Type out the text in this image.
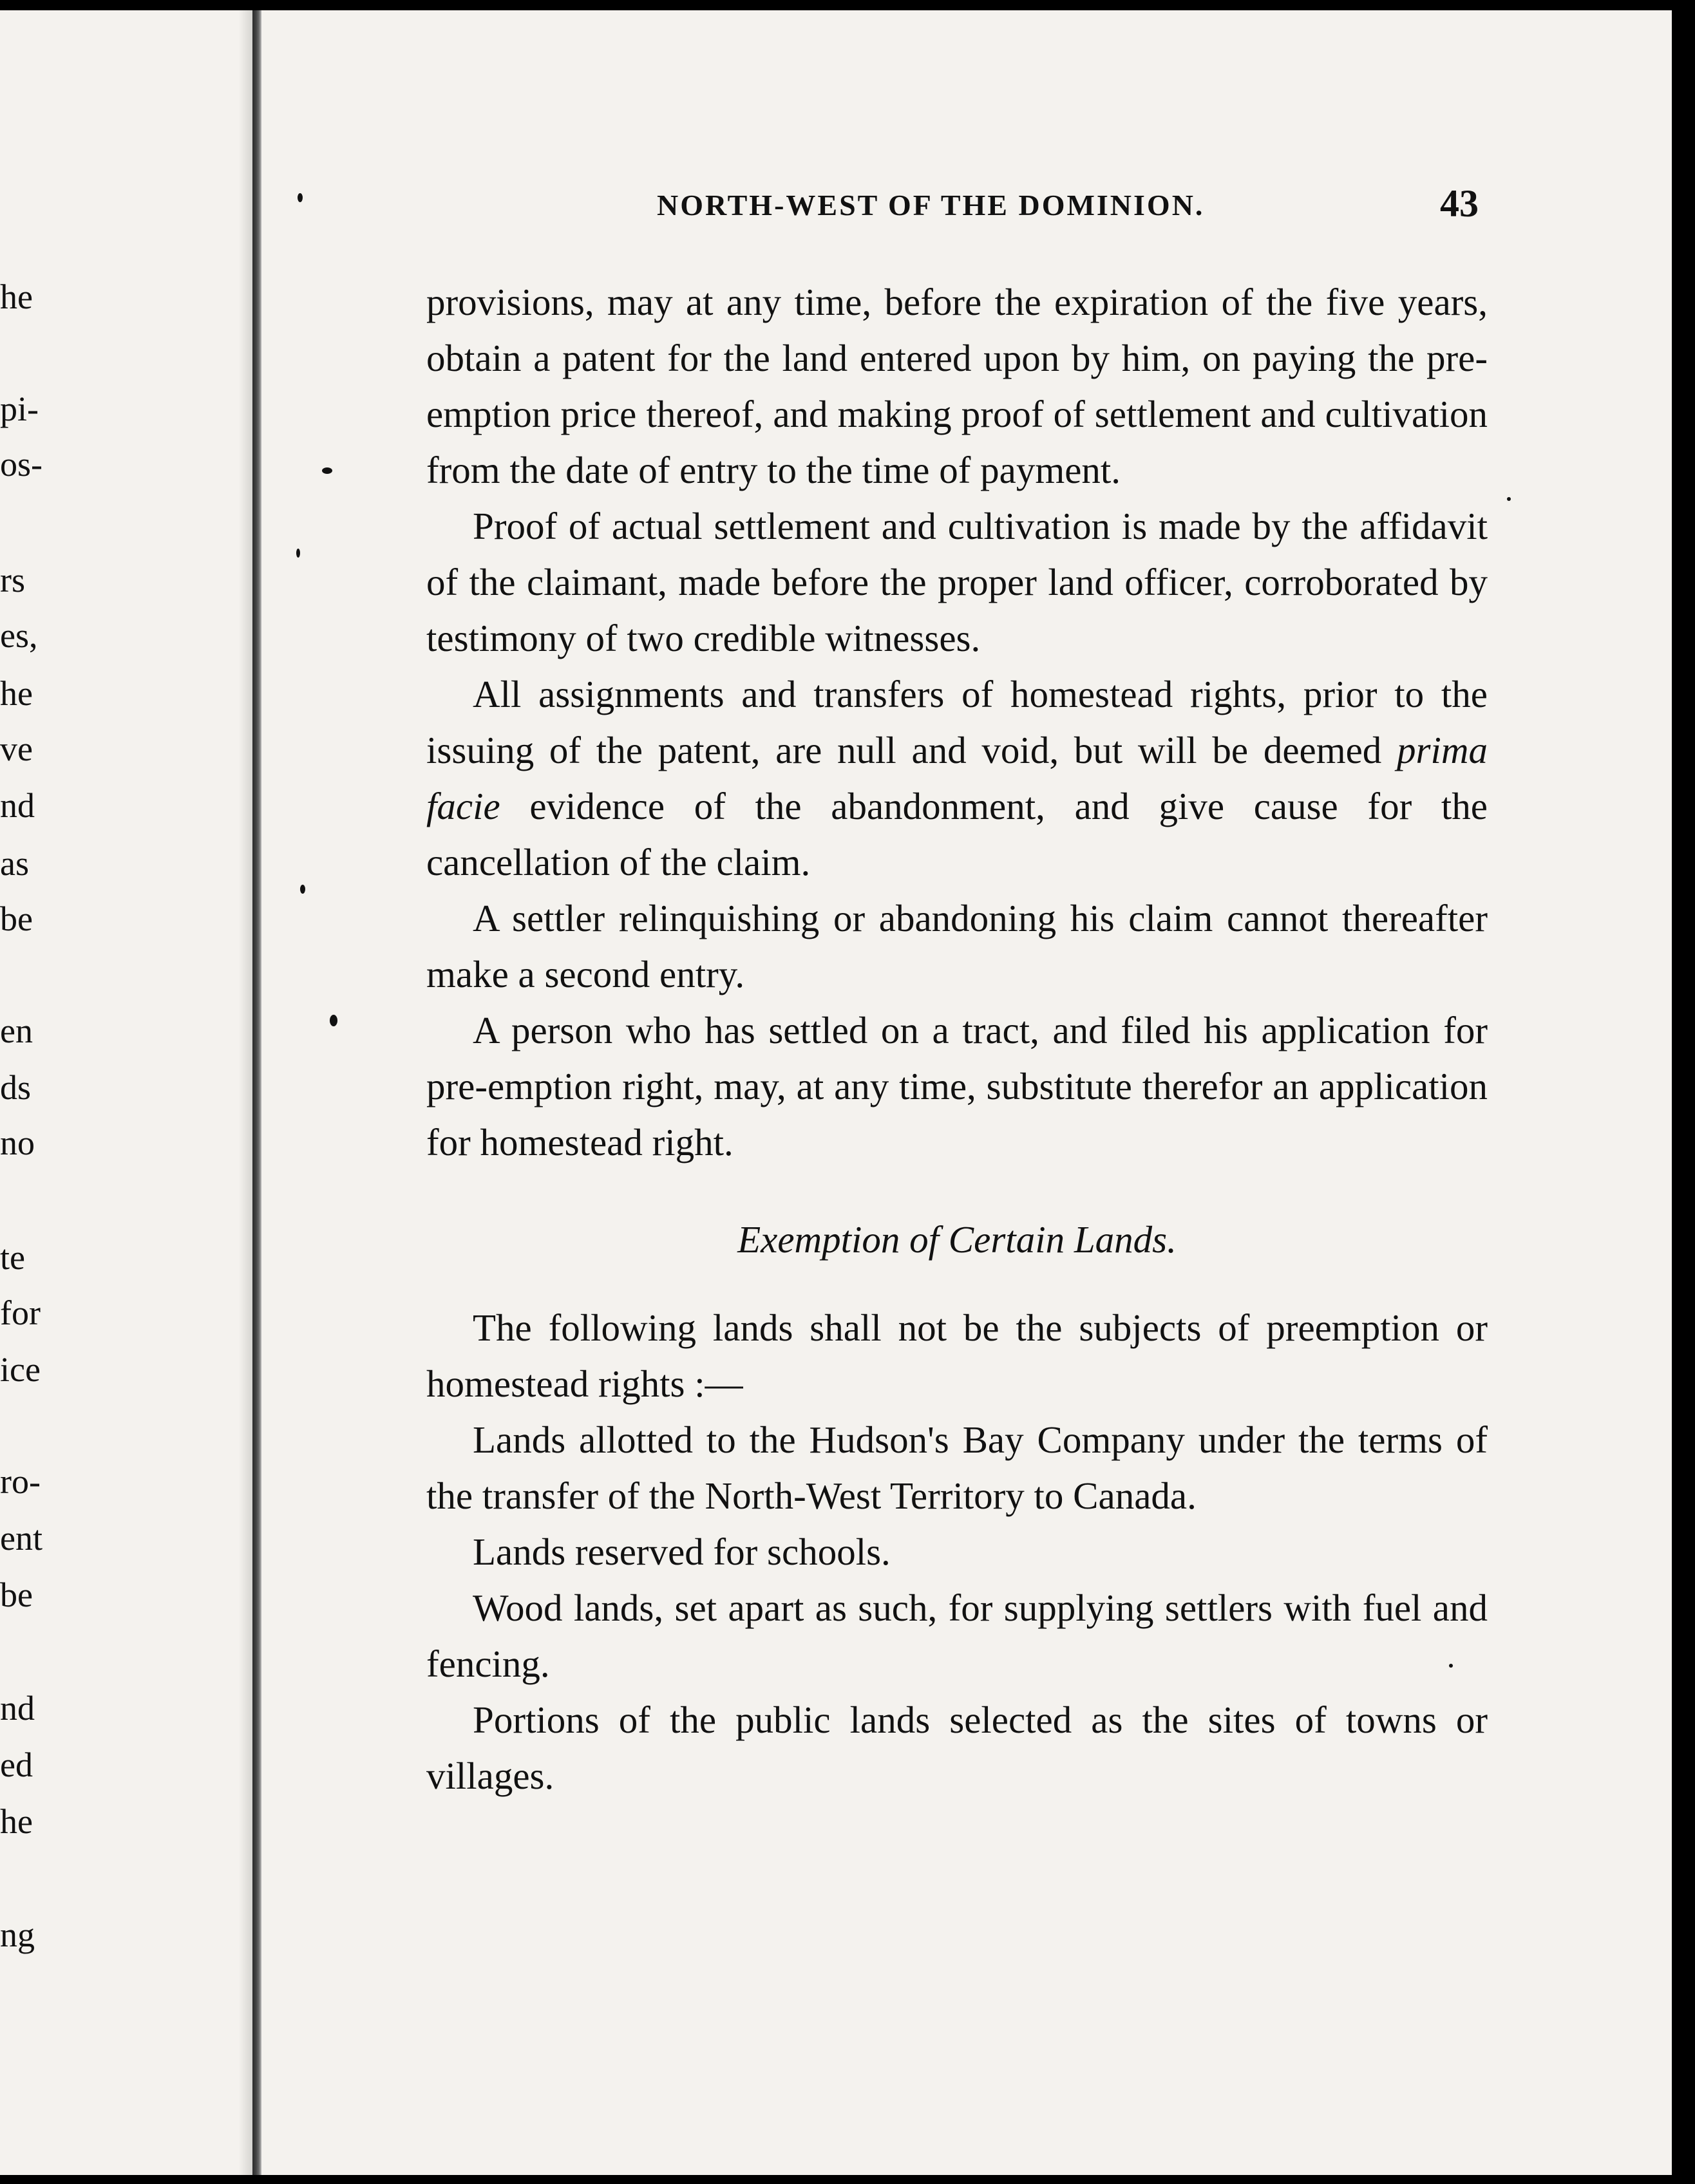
he
pi-
os-
rs
es,
he
ve
nd
as
be
en
ds
no
te
for
ice
ro-
ent
be
nd
ed
he
ng
NORTH-WEST OF THE DOMINION.	43

provisions, may at any time, before the expiration of the five years, obtain a patent for the land entered upon by him, on paying the pre-emption price thereof, and making proof of settlement and cultivation from the date of entry to the time of payment.

Proof of actual settlement and cultivation is made by the affidavit of the claimant, made before the proper land officer, corroborated by testimony of two credible witnesses.

All assignments and transfers of homestead rights, prior to the issuing of the patent, are null and void, but will be deemed prima facie evidence of the abandonment, and give cause for the cancellation of the claim.

A settler relinquishing or abandoning his claim cannot thereafter make a second entry.

A person who has settled on a tract, and filed his application for pre-emption right, may, at any time, substitute therefor an application for homestead right.

Exemption of Certain Lands.

The following lands shall not be the subjects of preemption or homestead rights :—

Lands allotted to the Hudson's Bay Company under the terms of the transfer of the North-West Territory to Canada.

Lands reserved for schools.

Wood lands, set apart as such, for supplying settlers with fuel and fencing.

Portions of the public lands selected as the sites of towns or villages.
